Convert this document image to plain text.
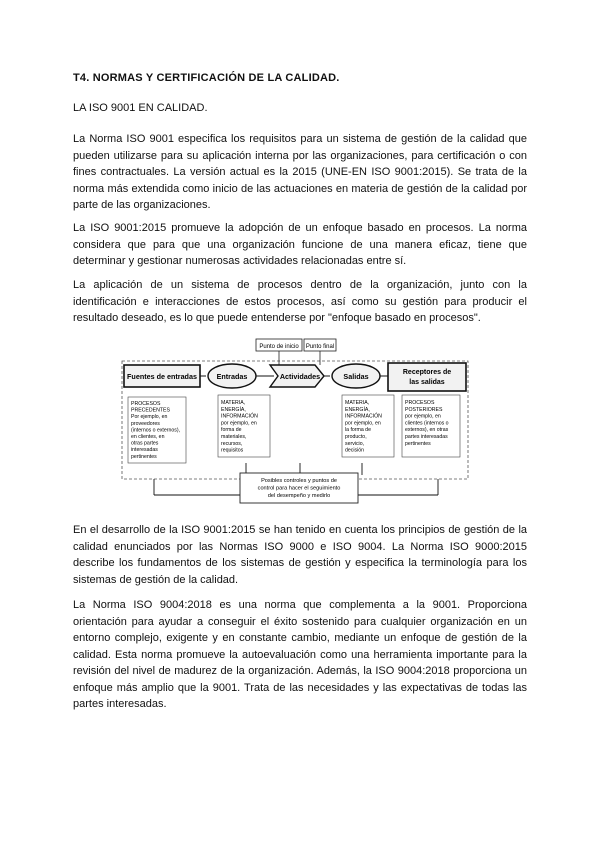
T4. NORMAS Y CERTIFICACIÓN DE LA CALIDAD.
LA ISO 9001 EN CALIDAD.
La Norma ISO 9001 especifica los requisitos para un sistema de gestión de la calidad que pueden utilizarse para su aplicación interna por las organizaciones, para certificación o con fines contractuales. La versión actual es la 2015 (UNE-EN ISO 9001:2015). Se trata de la norma más extendida como inicio de las actuaciones en materia de gestión de la calidad por parte de las organizaciones.
La ISO 9001:2015 promueve la adopción de un enfoque basado en procesos. La norma considera que para que una organización funcione de una manera eficaz, tiene que determinar y gestionar numerosas actividades relacionadas entre sí.
La aplicación de un sistema de procesos dentro de la organización, junto con la identificación e interacciones de estos procesos, así como su gestión para producir el resultado deseado, es lo que puede entenderse por "enfoque basado en procesos".
Punto de inicio Punto final
Fuentes de entradas	Entradas	Actividades	Salidas	Receptores de
las salidas
PROCESOS
PRECEDENTES
Por ejemplo, en
proveedores
(internos o externos),
en clientes, en
otras partes
interesadas
pertinentes
MATERIA,
ENERGÍA,
INFORMACIÓN
por ejemplo, en
forma de
materiales,
recursos,
requisitos
MATERIA,
ENERGÍA,
INFORMACIÓN
por ejemplo, en
la forma de
producto,
servicio,
decisión
PROCESOS
POSTERIORES
por ejemplo, en
clientes (internos o
externos), en otras
partes interesadas
pertinentes
Posibles controles y puntos de
control para hacer el seguimiento
del desempeño y medirlo
En el desarrollo de la ISO 9001:2015 se han tenido en cuenta los principios de gestión de la calidad enunciados por las Normas ISO 9000 e ISO 9004. La Norma ISO 9000:2015 describe los fundamentos de los sistemas de gestión y especifica la terminología para los sistemas de gestión de la calidad.
La Norma ISO 9004:2018 es una norma que complementa a la 9001. Proporciona orientación para ayudar a conseguir el éxito sostenido para cualquier organización en un entorno complejo, exigente y en constante cambio, mediante un enfoque de gestión de la calidad. Esta norma promueve la autoevaluación como una herramienta importante para la revisión del nivel de madurez de la organización. Además, la ISO 9004:2018 proporciona un enfoque más amplio que la 9001. Trata de las necesidades y las expectativas de todas las partes interesadas.
